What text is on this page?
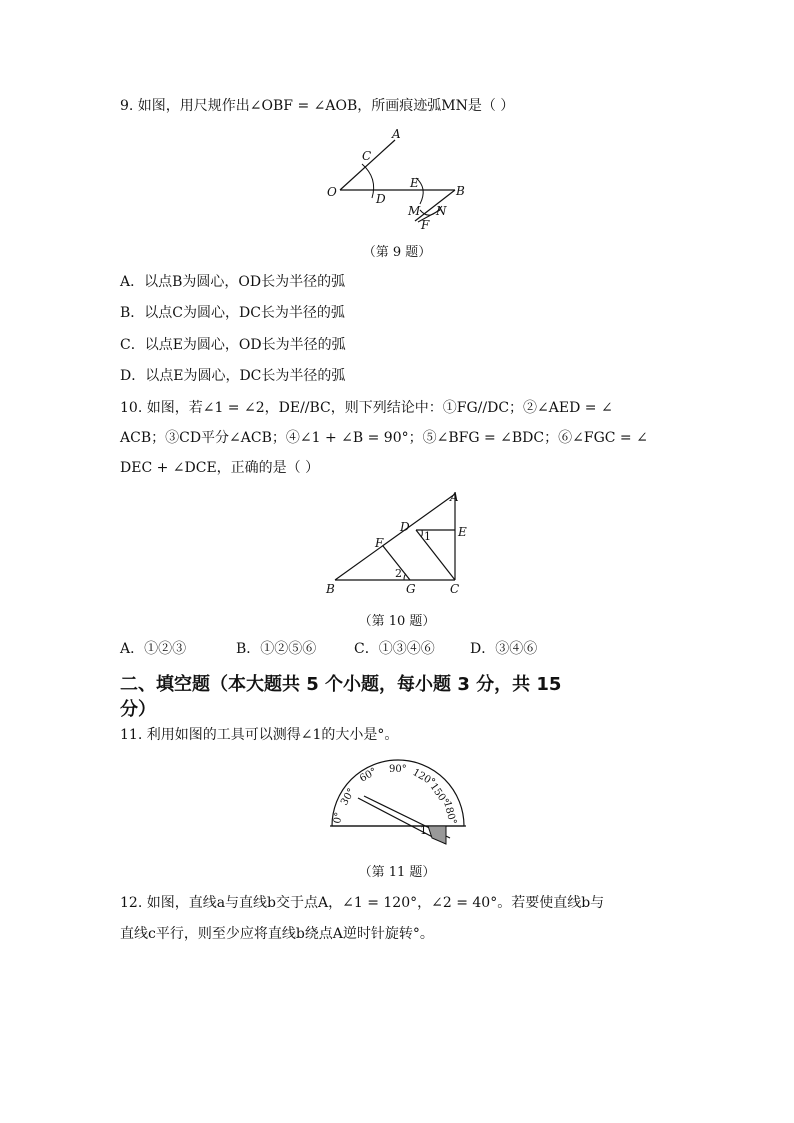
9. 如图，用尺规作出∠OBF = ∠AOB，所画痕迹弧MN是（ ）
A
C
O	D
E
B
M N
F
（第 9 题）
A．以点B为圆心，OD长为半径的弧
B．以点C为圆心，DC长为半径的弧
C．以点E为圆心，OD长为半径的弧
D．以点E为圆心，DC长为半径的弧
10. 如图，若∠1 = ∠2，DE//BC，则下列结论中：①FG//DC；②∠AED = ∠
ACB；③CD平分∠ACB；④∠1 + ∠B = 90°；⑤∠BFG = ∠BDC；⑥∠FGC = ∠
DEC + ∠DCE，正确的是（ ）
A
D	E
F
B	G	C
1
2
（第 10 题）
A．①②③	B．①②⑤⑥	C．①③④⑥	D．③④⑥
二、填空题（本大题共 5 个小题，每小题 3 分，共 15
分）
11. 利用如图的工具可以测得∠1的大小是°。
0°
30°
60° 90° 120°
150°
180°
1
（第 11 题）
12. 如图，直线a与直线b交于点A，∠1 = 120°，∠2 = 40°。若要使直线b与
直线c平行，则至少应将直线b绕点A逆时针旋转°。
